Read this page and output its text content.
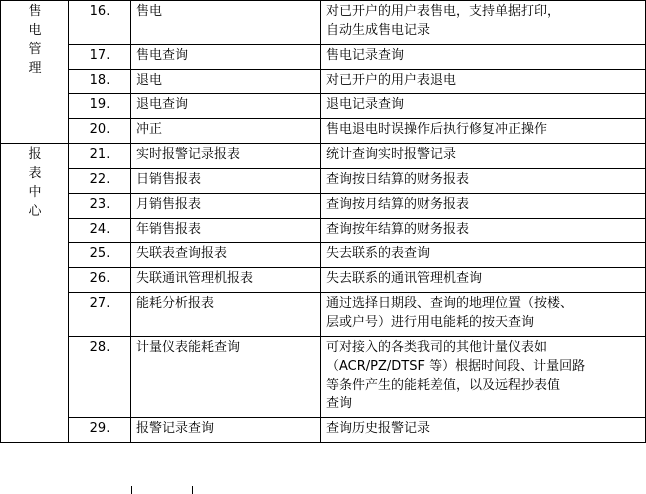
售电管理	16.	售电	对已开户的用户表售电，支持单据打印，
自动生成售电记录

	17.	售电查询	售电记录查询

	18.	退电	对已开户的用户表退电

	19.	退电查询	退电记录查询

	20.	冲正	售电退电时误操作后执行修复冲正操作

报表中心	21.	实时报警记录报表	统计查询实时报警记录

	22.	日销售报表	查询按日结算的财务报表

	23.	月销售报表	查询按月结算的财务报表

	24.	年销售报表	查询按年结算的财务报表

	25.	失联表查询报表	失去联系的表查询

	26.	失联通讯管理机报表	失去联系的通讯管理机查询

	27.	能耗分析报表	通过选择日期段、查询的地理位置（按楼、
层或户号）进行用电能耗的按天查询

	28.	计量仪表能耗查询	可对接入的各类我司的其他计量仪表如
（ACR/PZ/DTSF 等）根据时间段、计量回路
等条件产生的能耗差值，以及远程抄表值
查询

	29.	报警记录查询	查询历史报警记录
